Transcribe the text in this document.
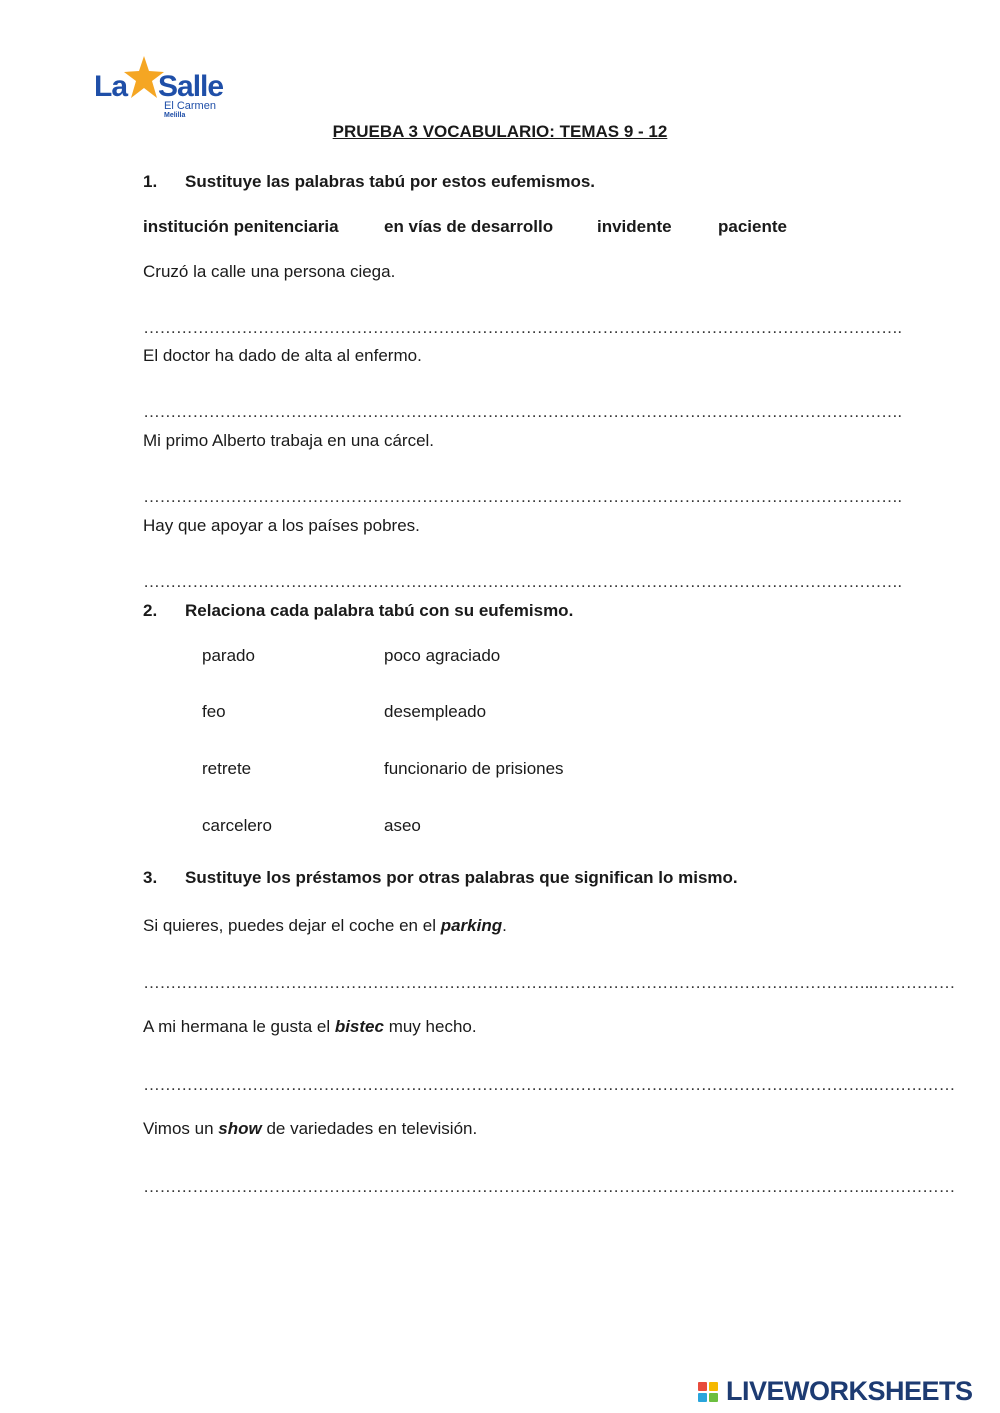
La Salle
El Carmen
Melilla
PRUEBA 3 VOCABULARIO: TEMAS 9 - 12
1. Sustituye las palabras tabú por estos eufemismos.
institución penitenciaria	en vías de desarrollo	invidente	paciente
Cruzó la calle una persona ciega.
………………………………………………………………………………………………………………………….
El doctor ha dado de alta al enfermo.
………………………………………………………………………………………………………………………….
Mi primo Alberto trabaja en una cárcel.
………………………………………………………………………………………………………………………….
Hay que apoyar a los países pobres.
………………………………………………………………………………………………………………………….
2. Relaciona cada palabra tabú con su eufemismo.
parado	poco agraciado
feo	desempleado
retrete	funcionario de prisiones
carcelero	aseo
3. Sustituye los préstamos por otras palabras que significan lo mismo.
Si quieres, puedes dejar el coche en el parking.
……………………………………………………………………………………………………………………..……………
A mi hermana le gusta el bistec muy hecho.
……………………………………………………………………………………………………………………..……………
Vimos un show de variedades en televisión.
……………………………………………………………………………………………………………………..……………
LIVEWORKSHEETS
